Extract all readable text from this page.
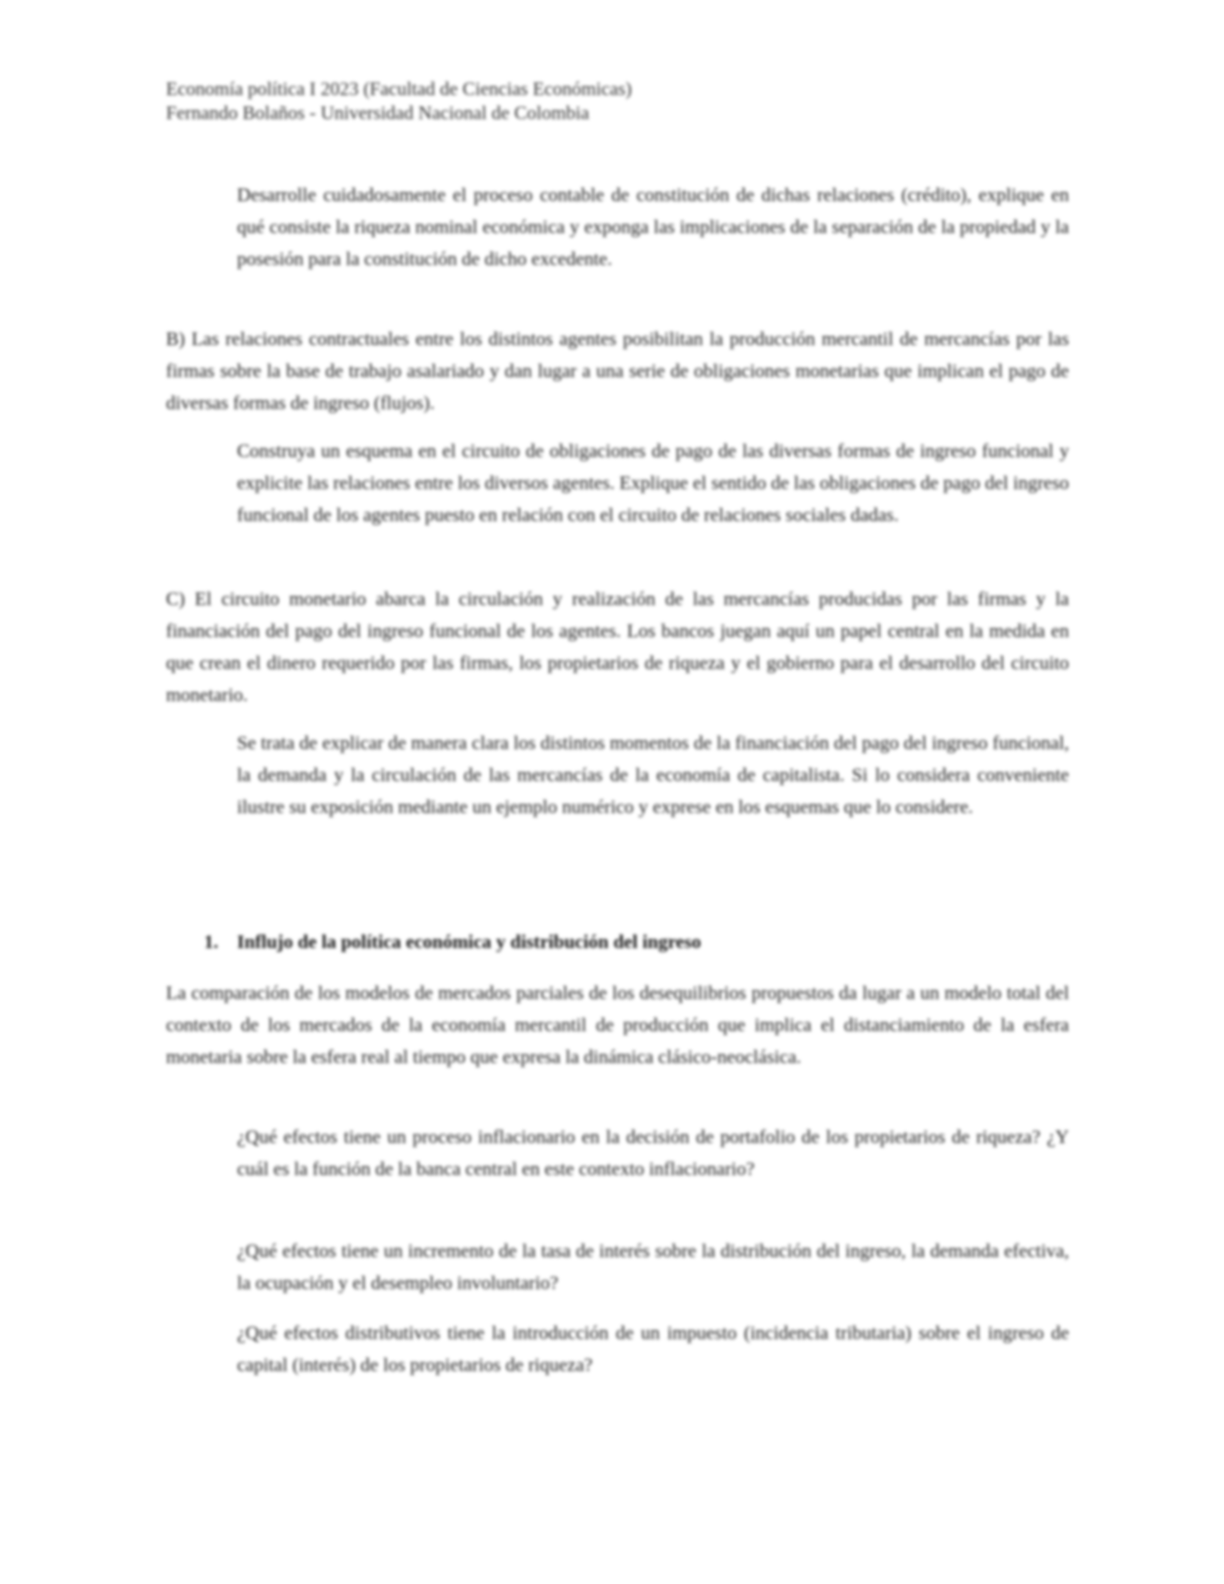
Economía política I 2023 (Facultad de Ciencias Económicas)
Fernando Bolaños - Universidad Nacional de Colombia
Desarrolle cuidadosamente el proceso contable de constitución de dichas relaciones (crédito), explique en qué consiste la riqueza nominal económica y exponga las implicaciones de la separación de la propiedad y la posesión para la constitución de dicho excedente.
B) Las relaciones contractuales entre los distintos agentes posibilitan la producción mercantil de mercancías por las firmas sobre la base de trabajo asalariado y dan lugar a una serie de obligaciones monetarias que implican el pago de diversas formas de ingreso (flujos).
Construya un esquema en el circuito de obligaciones de pago de las diversas formas de ingreso funcional y explicite las relaciones entre los diversos agentes. Explique el sentido de las obligaciones de pago del ingreso funcional de los agentes puesto en relación con el circuito de relaciones sociales dadas.
C) El circuito monetario abarca la circulación y realización de las mercancías producidas por las firmas y la financiación del pago del ingreso funcional de los agentes. Los bancos juegan aquí un papel central en la medida en que crean el dinero requerido por las firmas, los propietarios de riqueza y el gobierno para el desarrollo del circuito monetario.
Se trata de explicar de manera clara los distintos momentos de la financiación del pago del ingreso funcional, la demanda y la circulación de las mercancías de la economía de capitalista. Si lo considera conveniente ilustre su exposición mediante un ejemplo numérico y exprese en los esquemas que lo considere.
1. Influjo de la política económica y distribución del ingreso
La comparación de los modelos de mercados parciales de los desequilibrios propuestos da lugar a un modelo total del contexto de los mercados de la economía mercantil de producción que implica el distanciamiento de la esfera monetaria sobre la esfera real al tiempo que expresa la dinámica clásico-neoclásica.
¿Qué efectos tiene un proceso inflacionario en la decisión de portafolio de los propietarios de riqueza? ¿Y cuál es la función de la banca central en este contexto inflacionario?
¿Qué efectos tiene un incremento de la tasa de interés sobre la distribución del ingreso, la demanda efectiva, la ocupación y el desempleo involuntario?
¿Qué efectos distributivos tiene la introducción de un impuesto (incidencia tributaria) sobre el ingreso de capital (interés) de los propietarios de riqueza?
